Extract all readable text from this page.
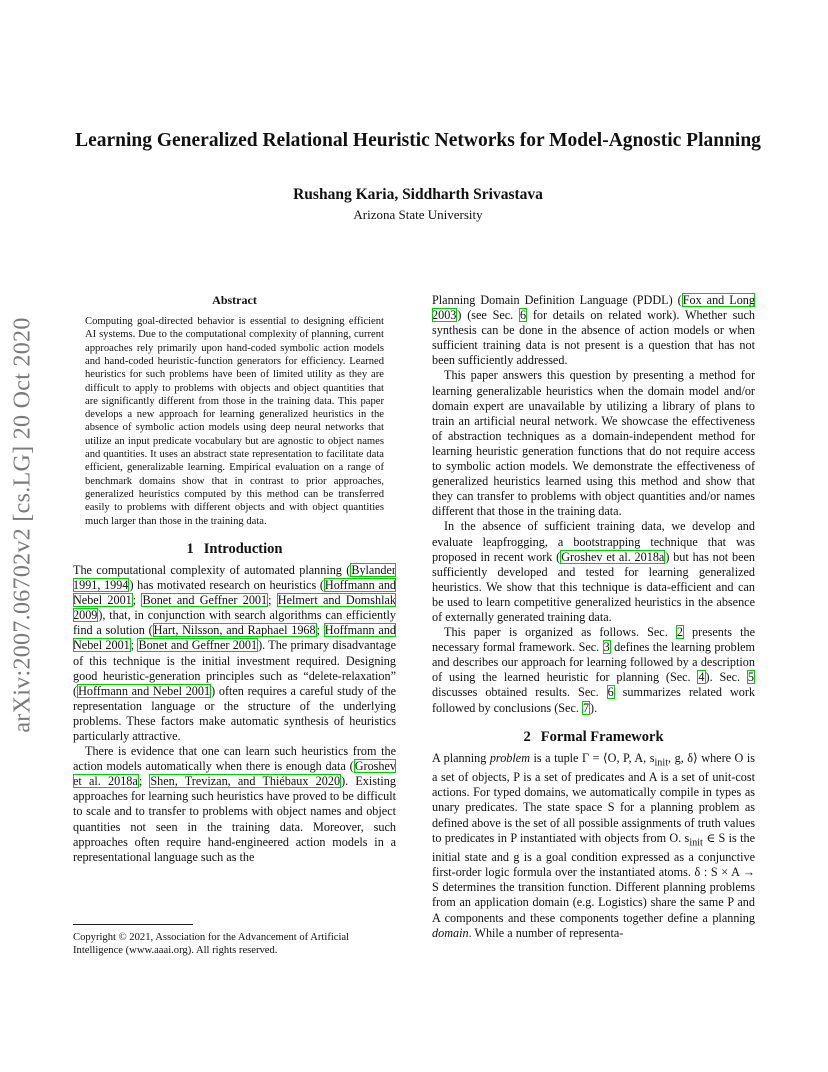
arXiv:2007.06702v2 [cs.LG] 20 Oct 2020
Learning Generalized Relational Heuristic Networks for Model-Agnostic Planning
Rushang Karia, Siddharth Srivastava
Arizona State University
Abstract
Computing goal-directed behavior is essential to designing efficient AI systems. Due to the computational complexity of planning, current approaches rely primarily upon hand-coded symbolic action models and hand-coded heuristic-function generators for efficiency. Learned heuristics for such problems have been of limited utility as they are difficult to apply to problems with objects and object quantities that are significantly different from those in the training data. This paper develops a new approach for learning generalized heuristics in the absence of symbolic action models using deep neural networks that utilize an input predicate vocabulary but are agnostic to object names and quantities. It uses an abstract state representation to facilitate data efficient, generalizable learning. Empirical evaluation on a range of benchmark domains show that in contrast to prior approaches, generalized heuristics computed by this method can be transferred easily to problems with different objects and with object quantities much larger than those in the training data.
1 Introduction

The computational complexity of automated planning (Bylander 1991, 1994) has motivated research on heuristics (Hoffmann and Nebel 2001; Bonet and Geffner 2001; Helmert and Domshlak 2009), that, in conjunction with search algorithms can efficiently find a solution (Hart, Nilsson, and Raphael 1968; Hoffmann and Nebel 2001; Bonet and Geffner 2001). The primary disadvantage of this technique is the initial investment required. Designing good heuristic-generation principles such as “delete-relaxation” (Hoffmann and Nebel 2001) often requires a careful study of the representation language or the structure of the underlying problems. These factors make automatic synthesis of heuristics particularly attractive.

There is evidence that one can learn such heuristics from the action models automatically when there is enough data (Groshev et al. 2018a; Shen, Trevizan, and Thiébaux 2020). Existing approaches for learning such heuristics have proved to be difficult to scale and to transfer to problems with object names and object quantities not seen in the training data. Moreover, such approaches often require hand-engineered action models in a representational language such as the

Copyright © 2021, Association for the Advancement of Artificial Intelligence (www.aaai.org). All rights reserved.

Planning Domain Definition Language (PDDL) (Fox and Long 2003) (see Sec. 6 for details on related work). Whether such synthesis can be done in the absence of action models or when sufficient training data is not present is a question that has not been sufficiently addressed.

This paper answers this question by presenting a method for learning generalizable heuristics when the domain model and/or domain expert are unavailable by utilizing a library of plans to train an artificial neural network. We showcase the effectiveness of abstraction techniques as a domain-independent method for learning heuristic generation functions that do not require access to symbolic action models. We demonstrate the effectiveness of generalized heuristics learned using this method and show that they can transfer to problems with object quantities and/or names different that those in the training data.

In the absence of sufficient training data, we develop and evaluate leapfrogging, a bootstrapping technique that was proposed in recent work (Groshev et al. 2018a) but has not been sufficiently developed and tested for learning generalized heuristics. We show that this technique is data-efficient and can be used to learn competitive generalized heuristics in the absence of externally generated training data.

This paper is organized as follows. Sec. 2 presents the necessary formal framework. Sec. 3 defines the learning problem and describes our approach for learning followed by a description of using the learned heuristic for planning (Sec. 4). Sec. 5 discusses obtained results. Sec. 6 summarizes related work followed by conclusions (Sec. 7).

2 Formal Framework

A planning problem is a tuple Γ = ⟨O, P, A, $s_{init}$, g, δ⟩ where O is a set of objects, P is a set of predicates and A is a set of unit-cost actions. For typed domains, we automatically compile in types as unary predicates. The state space S for a planning problem as defined above is the set of all possible assignments of truth values to predicates in P instantiated with objects from O. $s_{init}$ ∈ S is the initial state and g is a goal condition expressed as a conjunctive first-order logic formula over the instantiated atoms. δ : S × A → S determines the transition function. Different planning problems from an application domain (e.g. Logistics) share the same P and A components and these components together define a planning domain. While a number of representa-
